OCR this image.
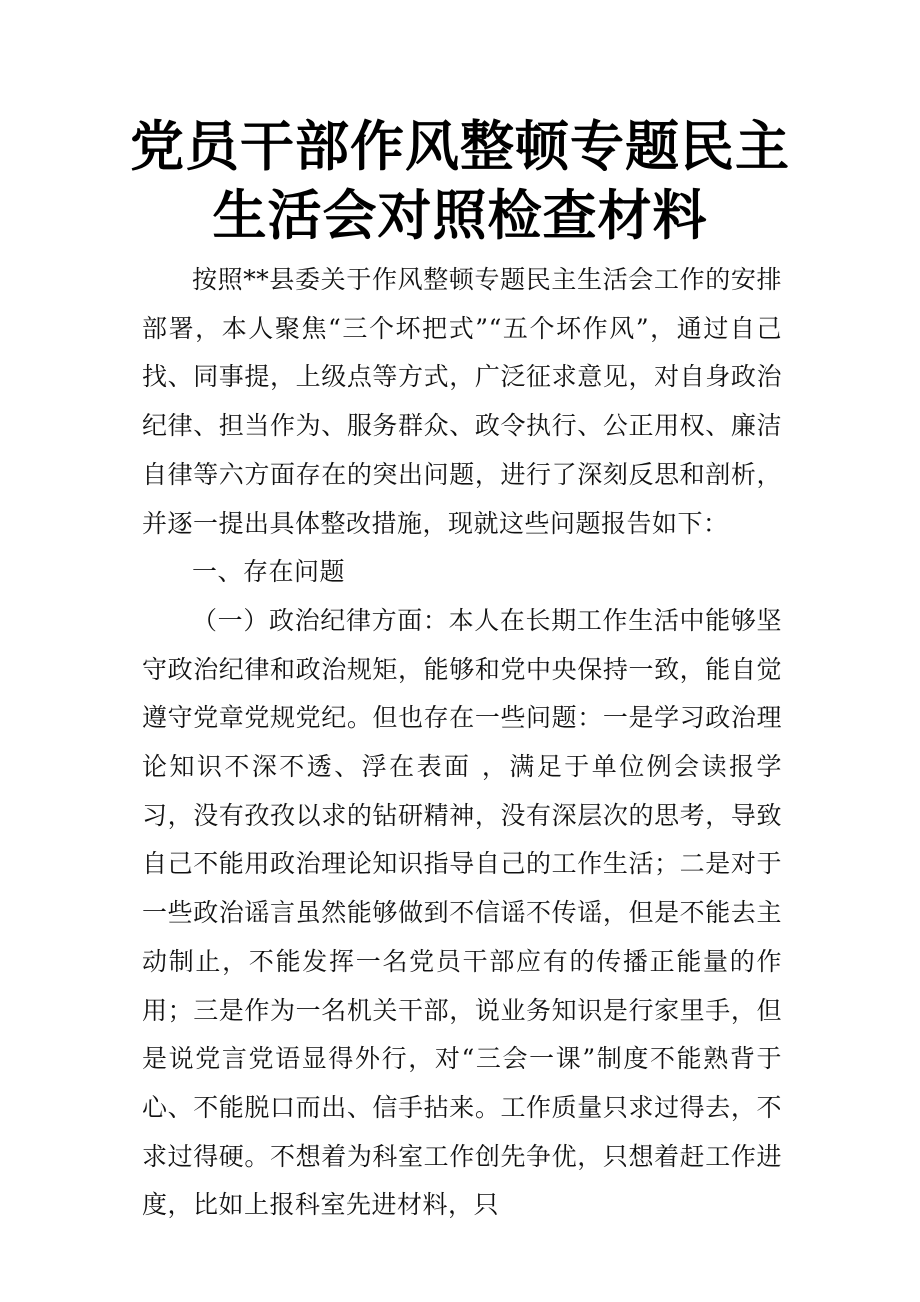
党员干部作风整顿专题民主生活会对照检查材料

按照**县委关于作风整顿专题民主生活会工作的安排部署，本人聚焦“三个坏把式”“五个坏作风”，通过自己找、同事提，上级点等方式，广泛征求意见，对自身政治纪律、担当作为、服务群众、政令执行、公正用权、廉洁自律等六方面存在的突出问题，进行了深刻反思和剖析，并逐一提出具体整改措施，现就这些问题报告如下：

一、存在问题

（一）政治纪律方面：本人在长期工作生活中能够坚守政治纪律和政治规矩，能够和党中央保持一致，能自觉遵守党章党规党纪。但也存在一些问题：一是学习政治理论知识不深不透、浮在表面 ，满足于单位例会读报学习，没有孜孜以求的钻研精神，没有深层次的思考，导致自己不能用政治理论知识指导自己的工作生活；二是对于一些政治谣言虽然能够做到不信谣不传谣，但是不能去主动制止，不能发挥一名党员干部应有的传播正能量的作用；三是作为一名机关干部，说业务知识是行家里手，但是说党言党语显得外行，对“三会一课”制度不能熟背于心、不能脱口而出、信手拈来。工作质量只求过得去，不求过得硬。不想着为科室工作创先争优，只想着赶工作进度，比如上报科室先进材料，只
